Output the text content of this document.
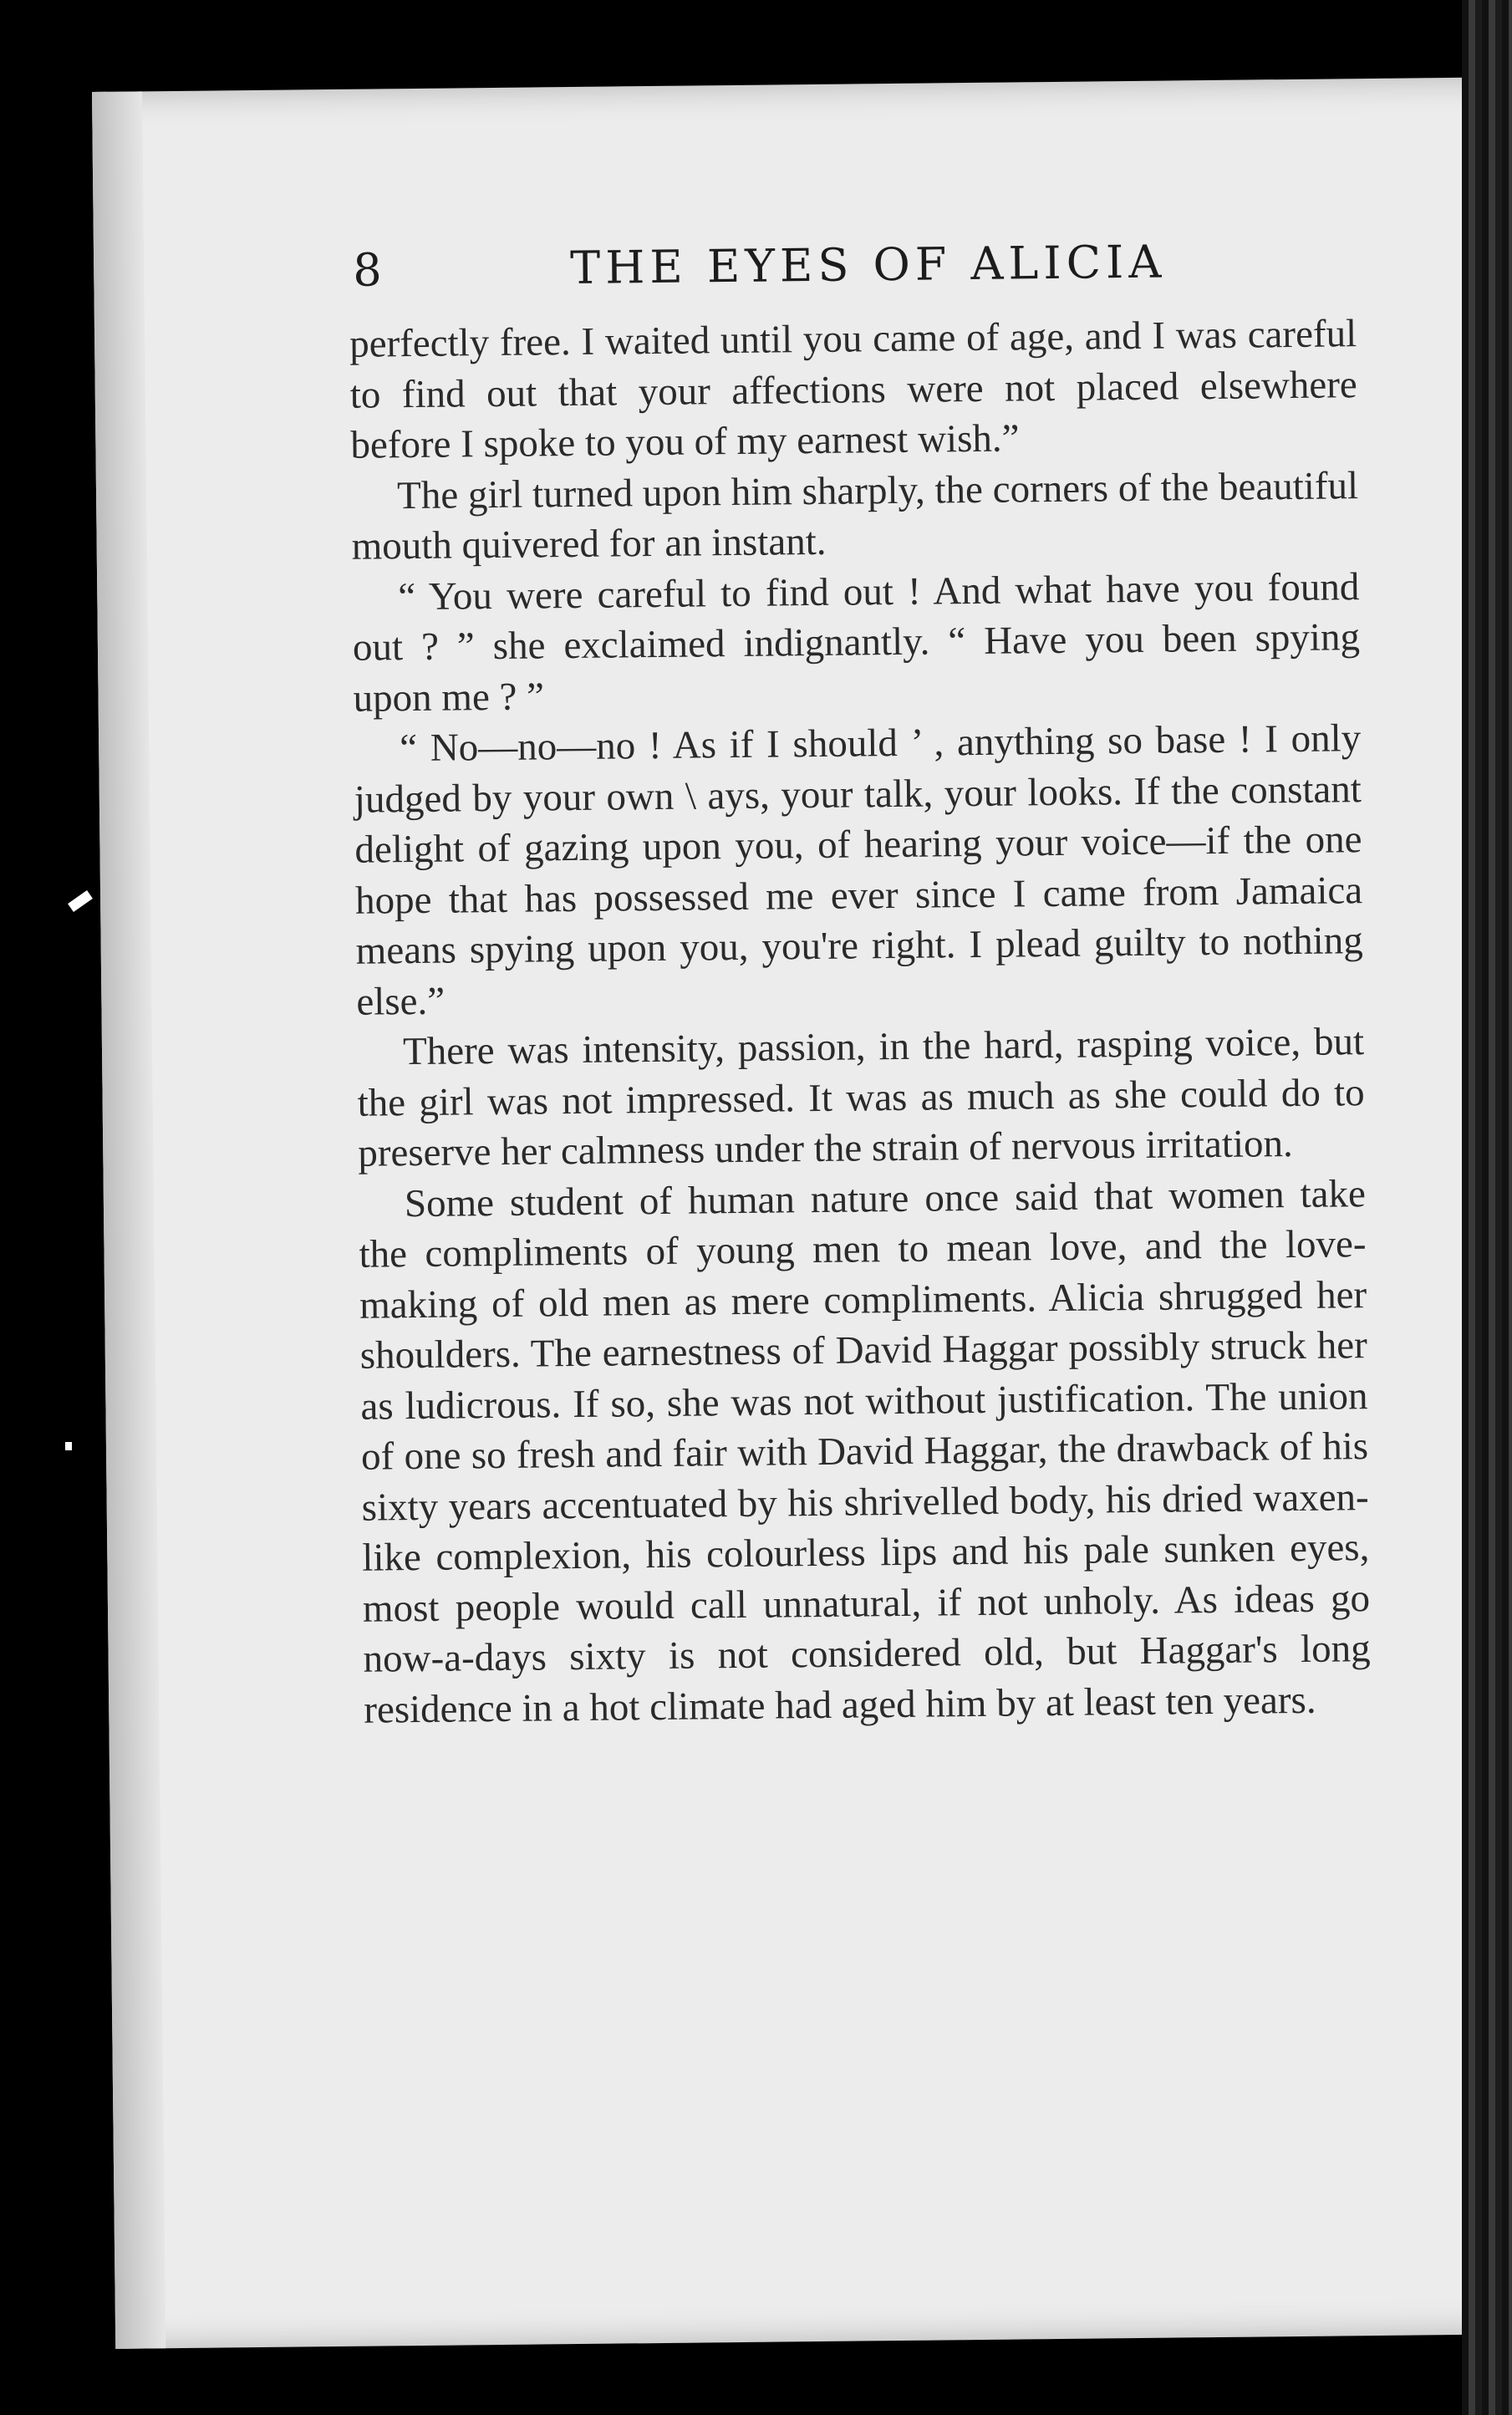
8	THE EYES OF ALICIA

perfectly free. I waited until you came of age, and I was careful to find out that your affections were not placed elsewhere before I spoke to you of my earnest wish.”

The girl turned upon him sharply, the corners of the beautiful mouth quivered for an instant.

“ You were careful to find out ! And what have you found out ? ” she exclaimed indignantly. “ Have you been spying upon me ? ”

“ No—no—no ! As if I should ’ , anything so base ! I only judged by your own \ ays, your talk, your looks. If the constant delight of gazing upon you, of hearing your voice—if the one hope that has possessed me ever since I came from Jamaica means spying upon you, you're right. I plead guilty to nothing else.”

There was intensity, passion, in the hard, rasping voice, but the girl was not impressed. It was as much as she could do to preserve her calmness under the strain of nervous irritation.

Some student of human nature once said that women take the compliments of young men to mean love, and the love-making of old men as mere compliments. Alicia shrugged her shoulders. The earnestness of David Haggar possibly struck her as ludicrous. If so, she was not without justification. The union of one so fresh and fair with David Haggar, the drawback of his sixty years accentuated by his shrivelled body, his dried waxen-like complexion, his colourless lips and his pale sunken eyes, most people would call unnatural, if not unholy. As ideas go now-a-days sixty is not considered old, but Haggar's long residence in a hot climate had aged him by at least ten years.
